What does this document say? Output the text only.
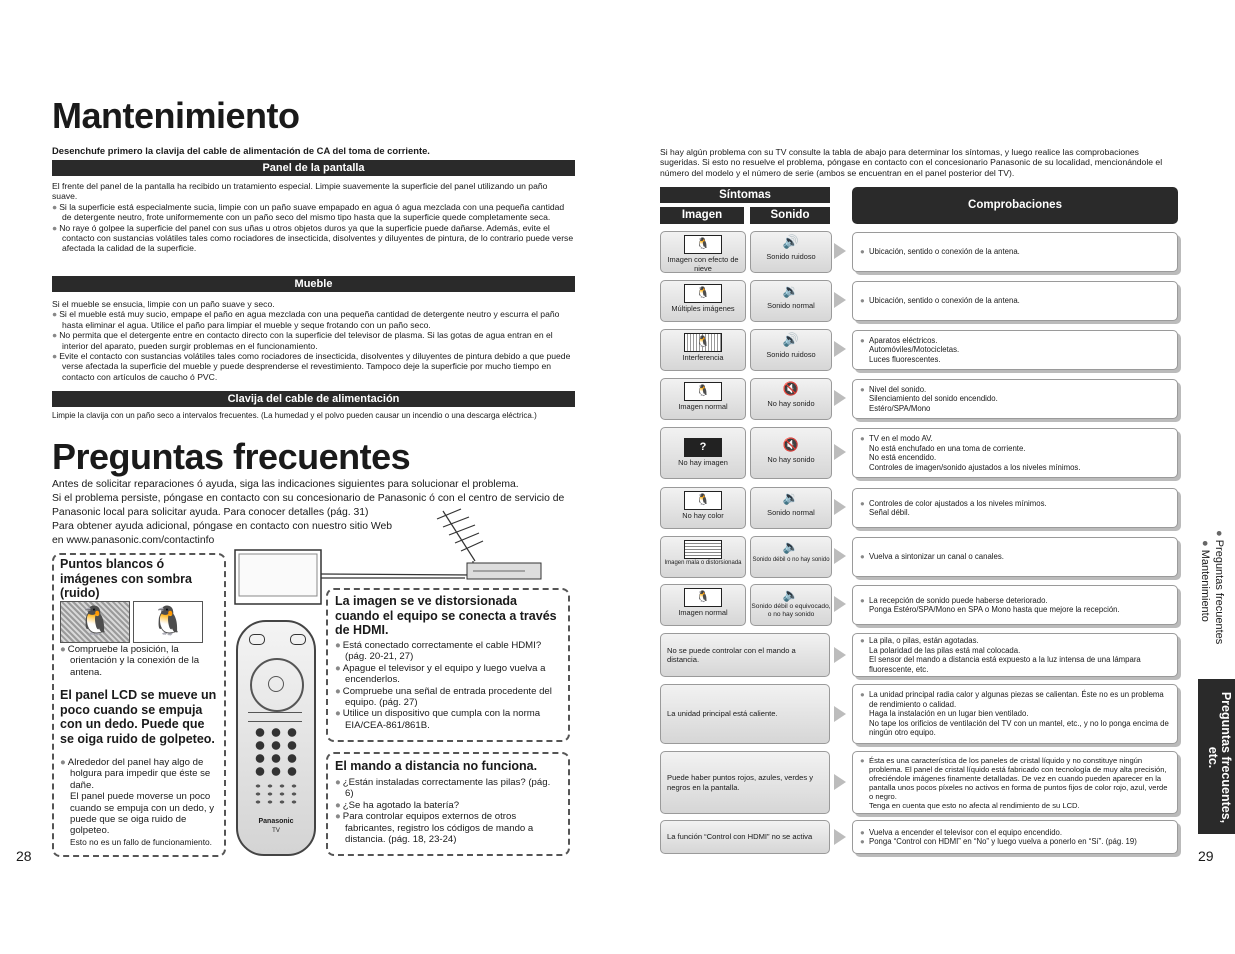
Mantenimiento
Desenchufe primero la clavija del cable de alimentación de CA del toma de corriente.
Panel de la pantalla
El frente del panel de la pantalla ha recibido un tratamiento especial. Limpie suavemente la superficie del panel utilizando un paño suave.
● Si la superficie está especialmente sucia, limpie con un paño suave empapado en agua ó agua mezclada con una pequeña cantidad de detergente neutro, frote uniformemente con un paño seco del mismo tipo hasta que la superficie quede completamente seca.
● No raye ó golpee la superficie del panel con sus uñas u otros objetos duros ya que la superficie puede dañarse. Además, evite el contacto con sustancias volátiles tales como rociadores de insecticida, disolventes y diluyentes de pintura, de lo contrario puede verse afectada la calidad de la superficie.
Mueble
Si el mueble se ensucia, limpie con un paño suave y seco.
● Si el mueble está muy sucio, empape el paño en agua mezclada con una pequeña cantidad de detergente neutro y escurra el paño hasta eliminar el agua. Utilice el paño para limpiar el mueble y seque frotando con un paño seco.
● No permita que el detergente entre en contacto directo con la superficie del televisor de plasma. Si las gotas de agua entran en el interior del aparato, pueden surgir problemas en el funcionamiento.
● Evite el contacto con sustancias volátiles tales como rociadores de insecticida, disolventes y diluyentes de pintura debido a que puede verse afectada la superficie del mueble y puede desprenderse el revestimiento. Tampoco deje la superficie por mucho tiempo en contacto con artículos de caucho ó PVC.
Clavija del cable de alimentación
Limpie la clavija con un paño seco a intervalos frecuentes. (La humedad y el polvo pueden causar un incendio o una descarga eléctrica.)
Preguntas frecuentes
Antes de solicitar reparaciones ó ayuda, siga las indicaciones siguientes para solucionar el problema.
Si el problema persiste, póngase en contacto con su concesionario de Panasonic ó con el centro de servicio de Panasonic local para solicitar ayuda. Para conocer detalles (pág. 31)
Para obtener ayuda adicional, póngase en contacto con nuestro sitio Web
en www.panasonic.com/contactinfo
Puntos blancos ó imágenes con sombra (ruido)
🐧	🐧
● Compruebe la posición, la orientación y la conexión de la antena.
El panel LCD se mueve un poco cuando se empuja con un dedo. Puede que se oiga ruido de golpeteo.
● Alrededor del panel hay algo de holgura para impedir que éste se dañe.
El panel puede moverse un poco cuando se empuja con un dedo, y puede que se oiga ruido de golpeteo.
Esto no es un fallo de funcionamiento.
Panasonic
TV
La imagen se ve distorsionada cuando el equipo se conecta a través de HDMI.
● Está conectado correctamente el cable HDMI? (pág. 20-21, 27)
● Apague el televisor y el equipo y luego vuelva a encenderlos.
● Compruebe una señal de entrada procedente del equipo. (pág. 27)
● Utilice un dispositivo que cumpla con la norma EIA/CEA-861/861B.
El mando a distancia no funciona.
● ¿Están instaladas correctamente las pilas? (pág. 6)
● ¿Se ha agotado la batería?
● Para controlar equipos externos de otros fabricantes, registro los códigos de mando a distancia. (pág. 18, 23-24)
28
Si hay algún problema con su TV consulte la tabla de abajo para determinar los síntomas, y luego realice las comprobaciones sugeridas. Si esto no resuelve el problema, póngase en contacto con el concesionario Panasonic de su localidad, mencionándole el número del modelo y el número de serie (ambos se encuentran en el panel posterior del TV).
Síntomas
Imagen	Sonido
Comprobaciones
🐧
Imagen con efecto de nieve
🔊
Sonido ruidoso
● Ubicación, sentido o conexión de la antena.
🐧
Múltiples imágenes
🔉
Sonido normal
● Ubicación, sentido o conexión de la antena.
🐧
Interferencia
🔊
Sonido ruidoso
● Aparatos eléctricos.
Automóviles/Motocicletas.
Luces fluorescentes.
🐧
Imagen normal
🔇
No hay sonido
● Nivel del sonido.
Silenciamiento del sonido encendido.
Estéro/SPA/Mono
?
No hay imagen
🔇
No hay sonido
● TV en el modo AV.
No está enchufado en una toma de corriente.
No está encendido.
Controles de imagen/sonido ajustados a los niveles mínimos.
🐧
No hay color
🔉
Sonido normal
● Controles de color ajustados a los niveles mínimos.
Señal débil.
Imagen mala o distorsionada
🔈
Sonido débil o no hay sonido
●	Vuelva a sintonizar un canal o canales.
🐧
Imagen normal
🔈
Sonido débil o equivocado, o no hay sonido
● La recepción de sonido puede haberse deteriorado.
Ponga Estéro/SPA/Mono en SPA o Mono hasta que mejore la recepción.
No se puede controlar con el mando a distancia.
● La pila, o pilas, están agotadas.
La polaridad de las pilas está mal colocada.
El sensor del mando a distancia está expuesto a la luz intensa de una lámpara fluorescente, etc.
La unidad principal está caliente.
● La unidad principal radia calor y algunas piezas se calientan. Éste no es un problema de rendimiento o calidad.
Haga la instalación en un lugar bien ventilado.
No tape los orificios de ventilación del TV con un mantel, etc., y no lo ponga encima de ningún otro equipo.
Puede haber puntos rojos, azules, verdes y negros en la pantalla.
● Ésta es una característica de los paneles de cristal líquido y no constituye ningún problema. El panel de cristal líquido está fabricado con tecnología de muy alta precisión, ofreciéndole imágenes finamente detalladas. De vez en cuando pueden aparecer en la pantalla unos pocos píxeles no activos en forma de puntos fijos de color rojo, azul, verde o negro.
Tenga en cuenta que esto no afecta al rendimiento de su LCD.
La función “Control con HDMI” no se activa
● Vuelva a encender el televisor con el equipo encendido.
● Ponga “Control con HDMI” en “No” y luego vuelva a ponerlo en “Sí”. (pág. 19)
● Preguntas frecuentes
● Mantenimiento
Preguntas frecuentes, etc.
29
